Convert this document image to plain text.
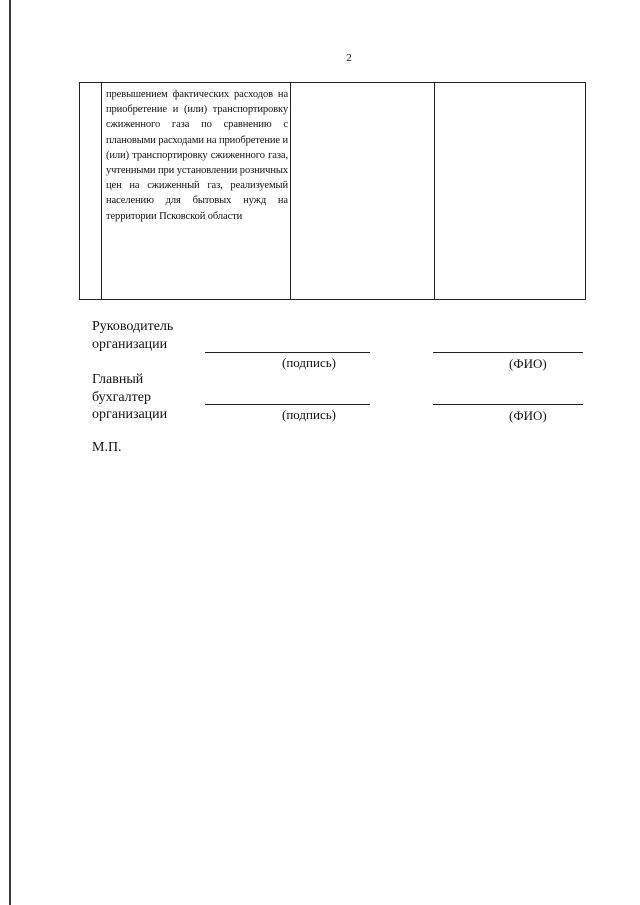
2

превышением фактических расходов на приобретение и (или) транспортировку сжиженного газа по сравнению с плановыми расходами на приобретение и (или) транспортировку сжиженного газа, учтенными при установлении розничных цен на сжиженный газ, реализуемый населению для бытовых нужд на территории Псковской области

Руководитель
организации
(подпись)	(ФИО)
Главный
бухгалтер
организации	(подпись)	(ФИО)
М.П.
